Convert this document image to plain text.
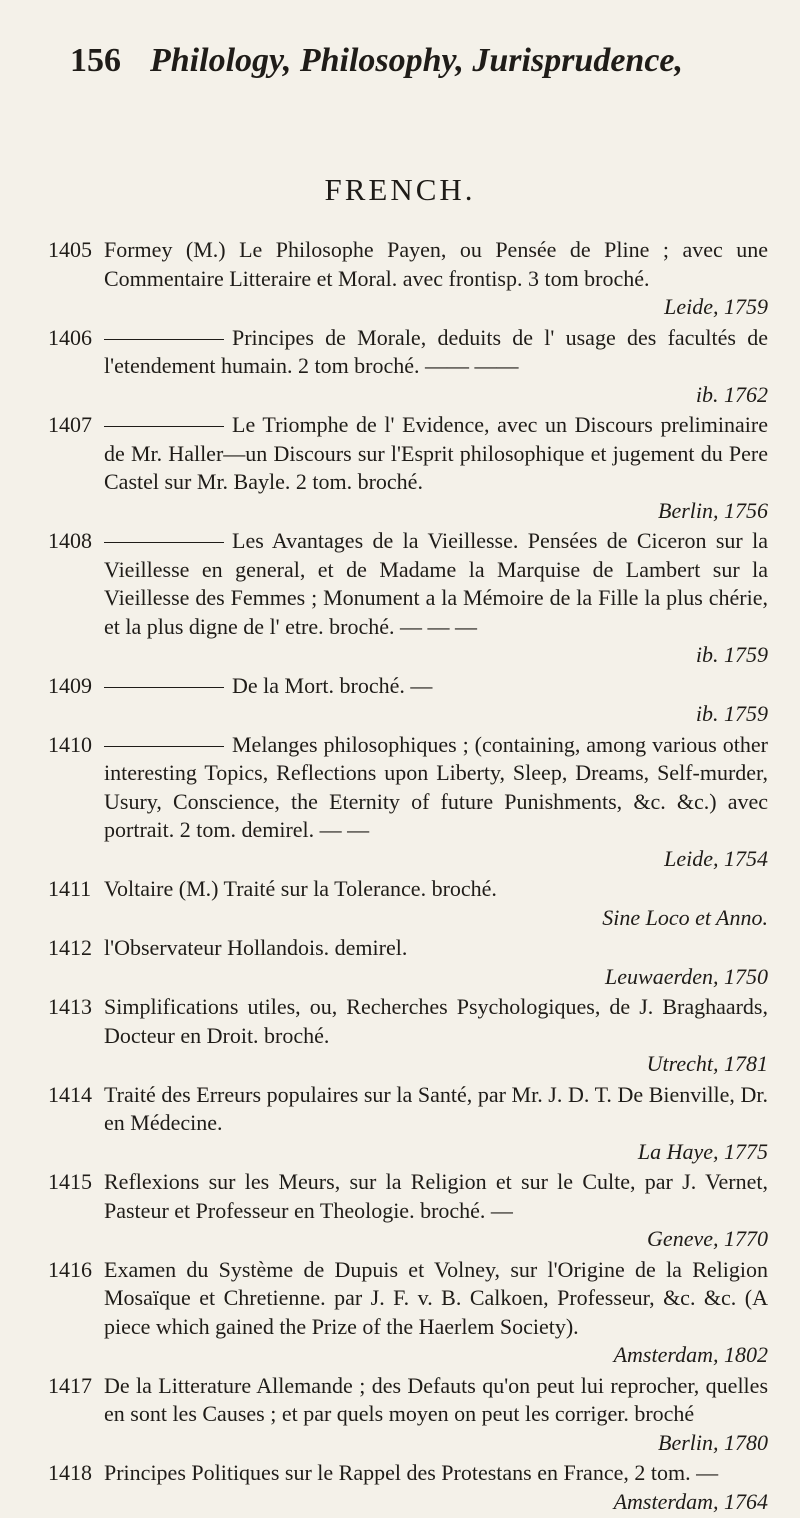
156 Philology, Philosophy, Jurisprudence,
FRENCH.
1405 Formey (M.) Le Philosophe Payen, ou Pensée de Pline ; avec une Commentaire Litteraire et Moral. avec frontisp. 3 tom broché.
Leide, 1759
1406	Principes de Morale, deduits de l' usage des facultés de l'etendement humain. 2 tom broché. —— ——
ib. 1762
1407	Le Triomphe de l' Evidence, avec un Discours preliminaire de Mr. Haller—un Discours sur l'Esprit philosophique et jugement du Pere Castel sur Mr. Bayle. 2 tom. broché.
Berlin, 1756
1408	Les Avantages de la Vieillesse. Pensées de Ciceron sur la Vieillesse en general, et de Madame la Marquise de Lambert sur la Vieillesse des Femmes ; Monument a la Mémoire de la Fille la plus chérie, et la plus digne de l' etre. broché. — — —
ib. 1759
1409	De la Mort. broché. —
ib. 1759
1410	Melanges philosophiques ; (containing, among various other interesting Topics, Reflections upon Liberty, Sleep, Dreams, Self-murder, Usury, Conscience, the Eternity of future Punishments, &c. &c.) avec portrait. 2 tom. demirel. — —
Leide, 1754
1411 Voltaire (M.) Traité sur la Tolerance. broché.
Sine Loco et Anno.
1412 l'Observateur Hollandois. demirel.
Leuwaerden, 1750
1413 Simplifications utiles, ou, Recherches Psychologiques, de J. Braghaards, Docteur en Droit. broché.
Utrecht, 1781
1414 Traité des Erreurs populaires sur la Santé, par Mr. J. D. T. De Bienville, Dr. en Médecine.
La Haye, 1775
1415 Reflexions sur les Meurs, sur la Religion et sur le Culte, par J. Vernet, Pasteur et Professeur en Theologie. broché. —
Geneve, 1770
1416 Examen du Système de Dupuis et Volney, sur l'Origine de la Religion Mosaïque et Chretienne. par J. F. v. B. Calkoen, Professeur, &c. &c. (A piece which gained the Prize of the Haerlem Society).
Amsterdam, 1802
1417 De la Litterature Allemande ; des Defauts qu'on peut lui reprocher, quelles en sont les Causes ; et par quels moyen on peut les corriger. broché
Berlin, 1780
1418 Principes Politiques sur le Rappel des Protestans en France, 2 tom. —
Amsterdam, 1764
